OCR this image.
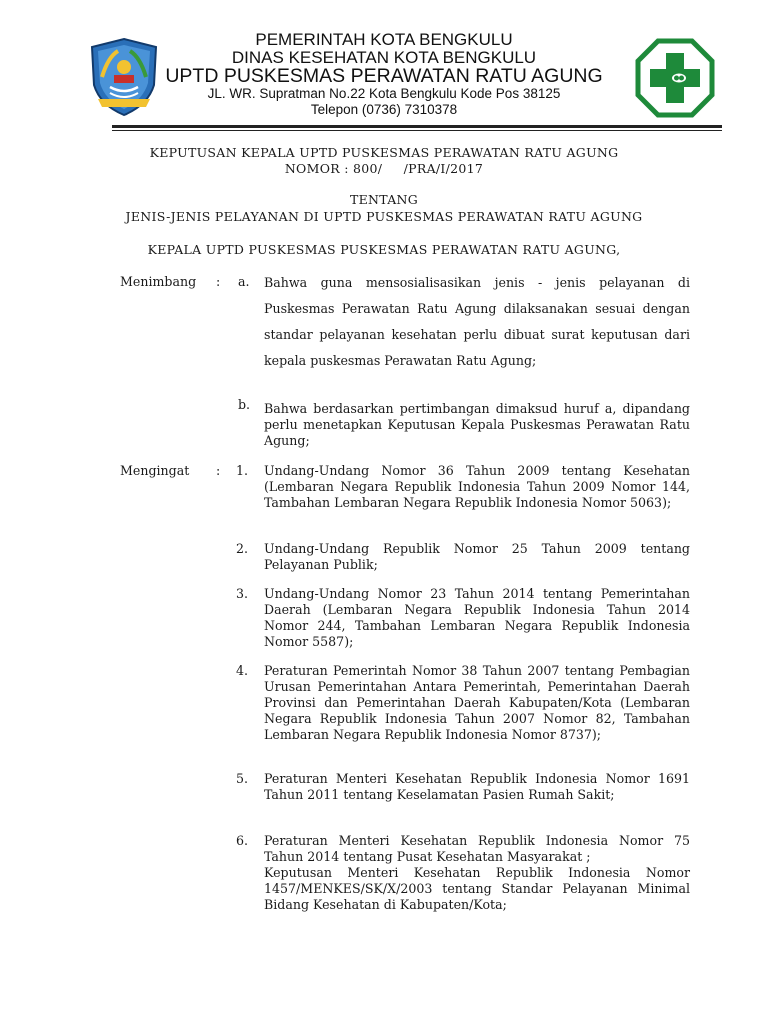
PEMERINTAH KOTA BENGKULU
DINAS KESEHATAN KOTA BENGKULU
UPTD PUSKESMAS PERAWATAN RATU AGUNG
JL. WR. Supratman No.22 Kota Bengkulu Kode Pos 38125
Telepon (0736) 7310378
KEPUTUSAN KEPALA UPTD PUSKESMAS PERAWATAN RATU AGUNG
NOMOR : 800/     /PRA/I/2017
TENTANG
JENIS-JENIS PELAYANAN DI UPTD PUSKESMAS PERAWATAN RATU AGUNG
KEPALA UPTD PUSKESMAS PUSKESMAS PERAWATAN RATU AGUNG,
Menimbang : a. Bahwa guna mensosialisasikan jenis - jenis pelayanan di Puskesmas Perawatan Ratu Agung dilaksanakan sesuai dengan standar pelayanan kesehatan perlu dibuat surat keputusan dari kepala puskesmas Perawatan Ratu Agung;
b. Bahwa berdasarkan pertimbangan dimaksud huruf a, dipandang perlu menetapkan Keputusan Kepala Puskesmas Perawatan Ratu Agung;
Mengingat : 1. Undang-Undang Nomor 36 Tahun 2009 tentang Kesehatan (Lembaran Negara Republik Indonesia Tahun 2009 Nomor 144, Tambahan Lembaran Negara Republik Indonesia Nomor 5063);
2. Undang-Undang Republik Nomor 25 Tahun 2009 tentang Pelayanan Publik;
3. Undang-Undang Nomor 23 Tahun 2014 tentang Pemerintahan Daerah (Lembaran Negara Republik Indonesia Tahun 2014 Nomor 244, Tambahan Lembaran Negara Republik Indonesia Nomor 5587);
4. Peraturan Pemerintah Nomor 38 Tahun 2007 tentang Pembagian Urusan Pemerintahan Antara Pemerintah, Pemerintahan Daerah Provinsi dan Pemerintahan Daerah Kabupaten/Kota (Lembaran Negara Republik Indonesia Tahun 2007 Nomor 82, Tambahan Lembaran Negara Republik Indonesia Nomor 8737);
5. Peraturan Menteri Kesehatan Republik Indonesia Nomor 1691 Tahun 2011 tentang Keselamatan Pasien Rumah Sakit;
6. Peraturan Menteri Kesehatan Republik Indonesia Nomor 75 Tahun 2014 tentang Pusat Kesehatan Masyarakat ;
Keputusan Menteri Kesehatan Republik Indonesia Nomor 1457/MENKES/SK/X/2003 tentang Standar Pelayanan Minimal Bidang Kesehatan di Kabupaten/Kota;
